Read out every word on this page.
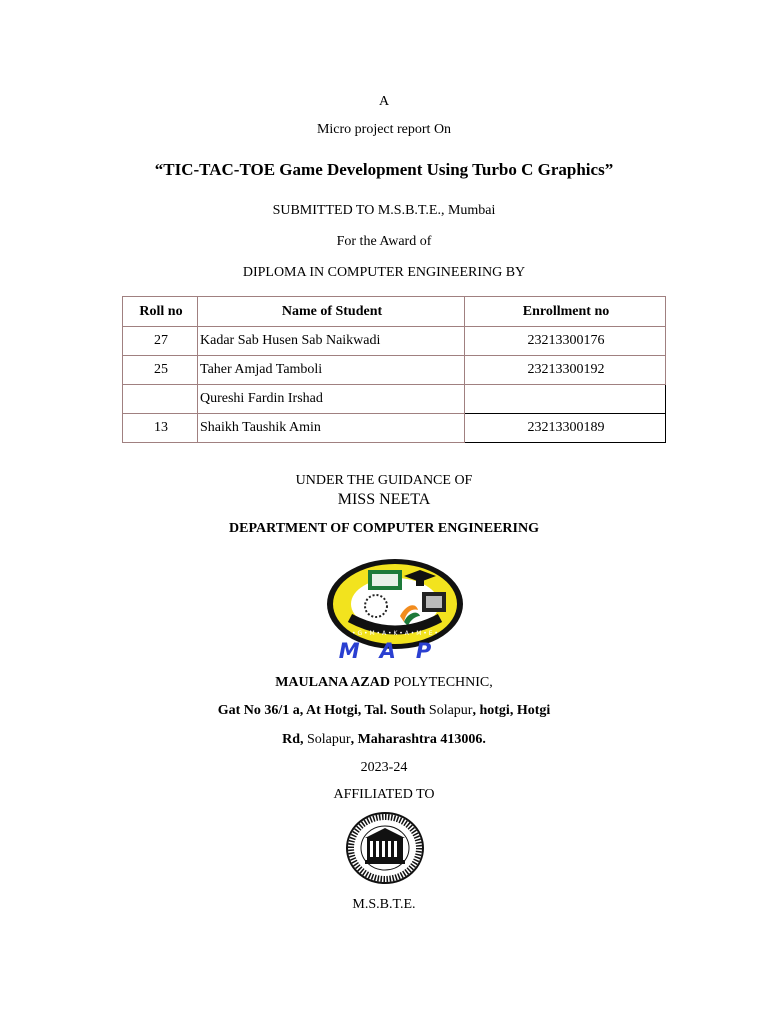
A
Micro project report On
“TIC-TAC-TOE Game Development Using Turbo C Graphics”
SUBMITTED TO M.S.B.T.E., Mumbai
For the Award of
DIPLOMA IN COMPUTER ENGINEERING BY
Roll no	Name of Student	Enrollment no
27	Kadar Sab Husen Sab Naikwadi	23213300176
25	Taher Amjad Tamboli	23213300192
	Qureshi Fardin Irshad	
13	Shaikh Taushik Amin	23213300189
UNDER THE GUIDANCE OF
MISS NEETA
DEPARTMENT OF COMPUTER ENGINEERING
• G • M • A • K • A • M • E •
MAP
MAULANA AZAD POLYTECHNIC,
Gat No 36/1 a, At Hotgi, Tal. South Solapur, hotgi, Hotgi
Rd, Solapur, Maharashtra 413006.
2023-24
AFFILIATED TO
M.S.B.T.E.
